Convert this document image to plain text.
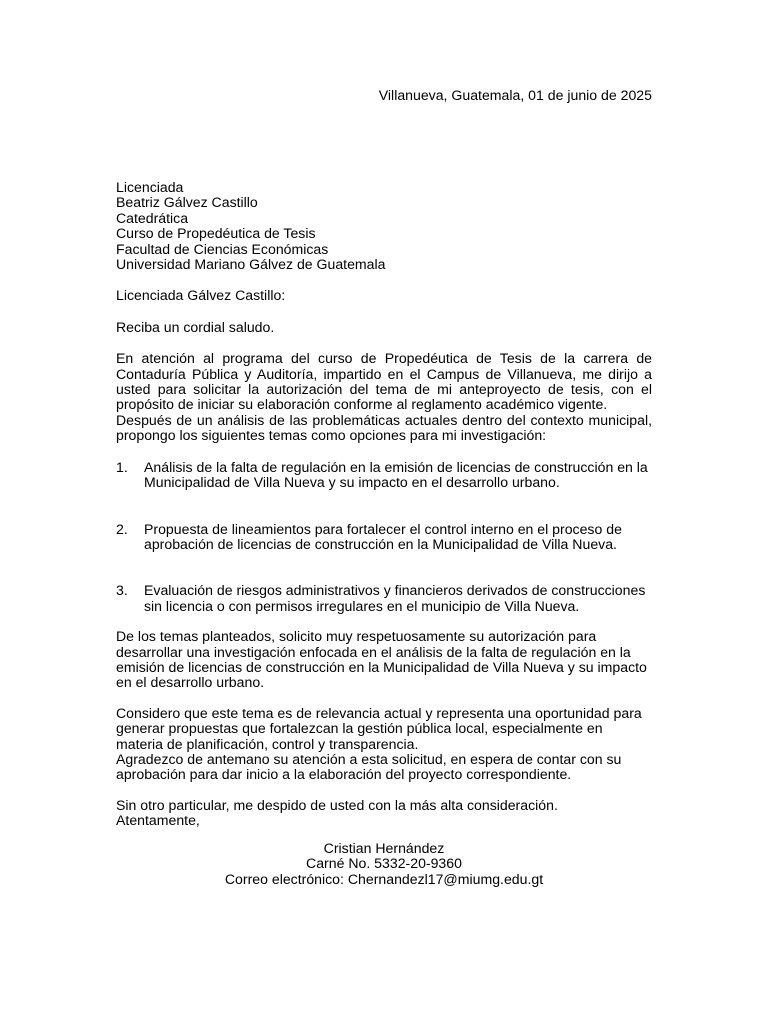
Villanueva, Guatemala, 01 de junio de 2025
Licenciada
Beatriz Gálvez Castillo
Catedrática
Curso de Propedéutica de Tesis
Facultad de Ciencias Económicas
Universidad Mariano Gálvez de Guatemala

Licenciada Gálvez Castillo:

Reciba un cordial saludo.

En atención al programa del curso de Propedéutica de Tesis de la carrera de Contaduría Pública y Auditoría, impartido en el Campus de Villanueva, me dirijo a usted para solicitar la autorización del tema de mi anteproyecto de tesis, con el propósito de iniciar su elaboración conforme al reglamento académico vigente.

Después de un análisis de las problemáticas actuales dentro del contexto municipal, propongo los siguientes temas como opciones para mi investigación:

1.	Análisis de la falta de regulación en la emisión de licencias de construcción en la Municipalidad de Villa Nueva y su impacto en el desarrollo urbano.
2.	Propuesta de lineamientos para fortalecer el control interno en el proceso de aprobación de licencias de construcción en la Municipalidad de Villa Nueva.
3.	Evaluación de riesgos administrativos y financieros derivados de construcciones sin licencia o con permisos irregulares en el municipio de Villa Nueva.

De los temas planteados, solicito muy respetuosamente su autorización para desarrollar una investigación enfocada en el análisis de la falta de regulación en la emisión de licencias de construcción en la Municipalidad de Villa Nueva y su impacto en el desarrollo urbano.

Considero que este tema es de relevancia actual y representa una oportunidad para generar propuestas que fortalezcan la gestión pública local, especialmente en materia de planificación, control y transparencia.

Agradezco de antemano su atención a esta solicitud, en espera de contar con su aprobación para dar inicio a la elaboración del proyecto correspondiente.

Sin otro particular, me despido de usted con la más alta consideración.

Atentamente,

Cristian Hernández
Carné No. 5332-20-9360
Correo electrónico: Chernandezl17@miumg.edu.gt
